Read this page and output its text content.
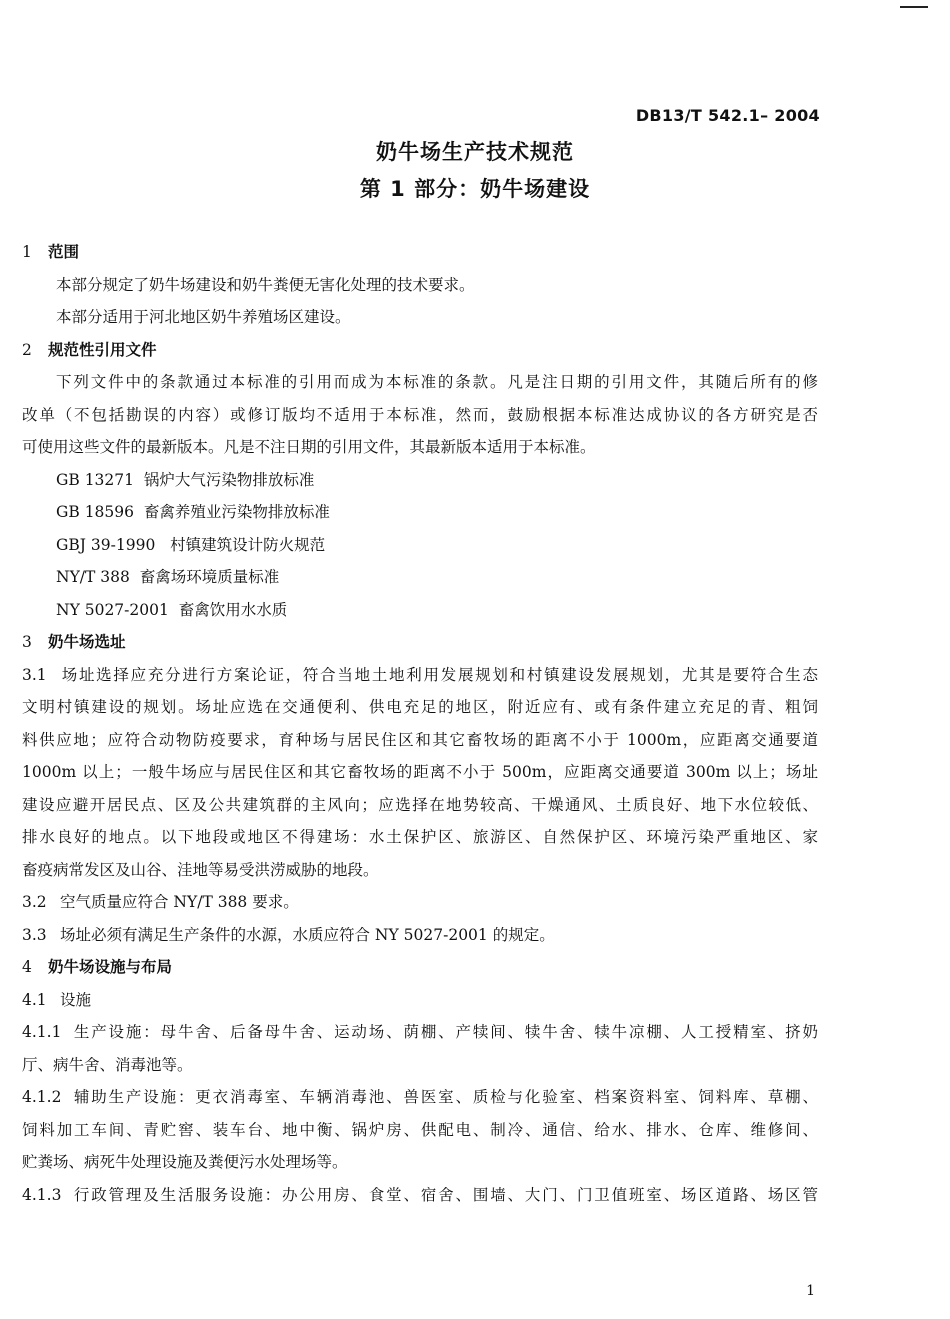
DB13/T 542.1– 2004
奶牛场生产技术规范
第 1 部分：奶牛场建设
1 范围
本部分规定了奶牛场建设和奶牛粪便无害化处理的技术要求。
本部分适用于河北地区奶牛养殖场区建设。
2 规范性引用文件
下列文件中的条款通过本标准的引用而成为本标准的条款。凡是注日期的引用文件，其随后所有的修
改单（不包括勘误的内容）或修订版均不适用于本标准，然而，鼓励根据本标准达成协议的各方研究是否
可使用这些文件的最新版本。凡是不注日期的引用文件，其最新版本适用于本标准。
GB 13271  锅炉大气污染物排放标准
GB 18596  畜禽养殖业污染物排放标准
GBJ 39-1990   村镇建筑设计防火规范
NY/T 388  畜禽场环境质量标准
NY 5027-2001  畜禽饮用水水质
3 奶牛场选址
3.1 场址选择应充分进行方案论证，符合当地土地利用发展规划和村镇建设发展规划，尤其是要符合生态
文明村镇建设的规划。场址应选在交通便利、供电充足的地区，附近应有、或有条件建立充足的青、粗饲
料供应地；应符合动物防疫要求，育种场与居民住区和其它畜牧场的距离不小于 1000m，应距离交通要道
1000m 以上；一般牛场应与居民住区和其它畜牧场的距离不小于 500m，应距离交通要道 300m 以上；场址
建设应避开居民点、区及公共建筑群的主风向；应选择在地势较高、干燥通风、土质良好、地下水位较低、
排水良好的地点。以下地段或地区不得建场：水土保护区、旅游区、自然保护区、环境污染严重地区、家
畜疫病常发区及山谷、洼地等易受洪涝威胁的地段。
3.2 空气质量应符合 NY/T 388 要求。
3.3 场址必须有满足生产条件的水源，水质应符合 NY 5027-2001 的规定。
4 奶牛场设施与布局
4.1 设施
4.1.1 生产设施：母牛舍、后备母牛舍、运动场、荫棚、产犊间、犊牛舍、犊牛凉棚、人工授精室、挤奶
厅、病牛舍、消毒池等。
4.1.2 辅助生产设施：更衣消毒室、车辆消毒池、兽医室、质检与化验室、档案资料室、饲料库、草棚、
饲料加工车间、青贮窖、装车台、地中衡、锅炉房、供配电、制冷、通信、给水、排水、仓库、维修间、
贮粪场、病死牛处理设施及粪便污水处理场等。
4.1.3 行政管理及生活服务设施：办公用房、食堂、宿舍、围墙、大门、门卫值班室、场区道路、场区管
1
